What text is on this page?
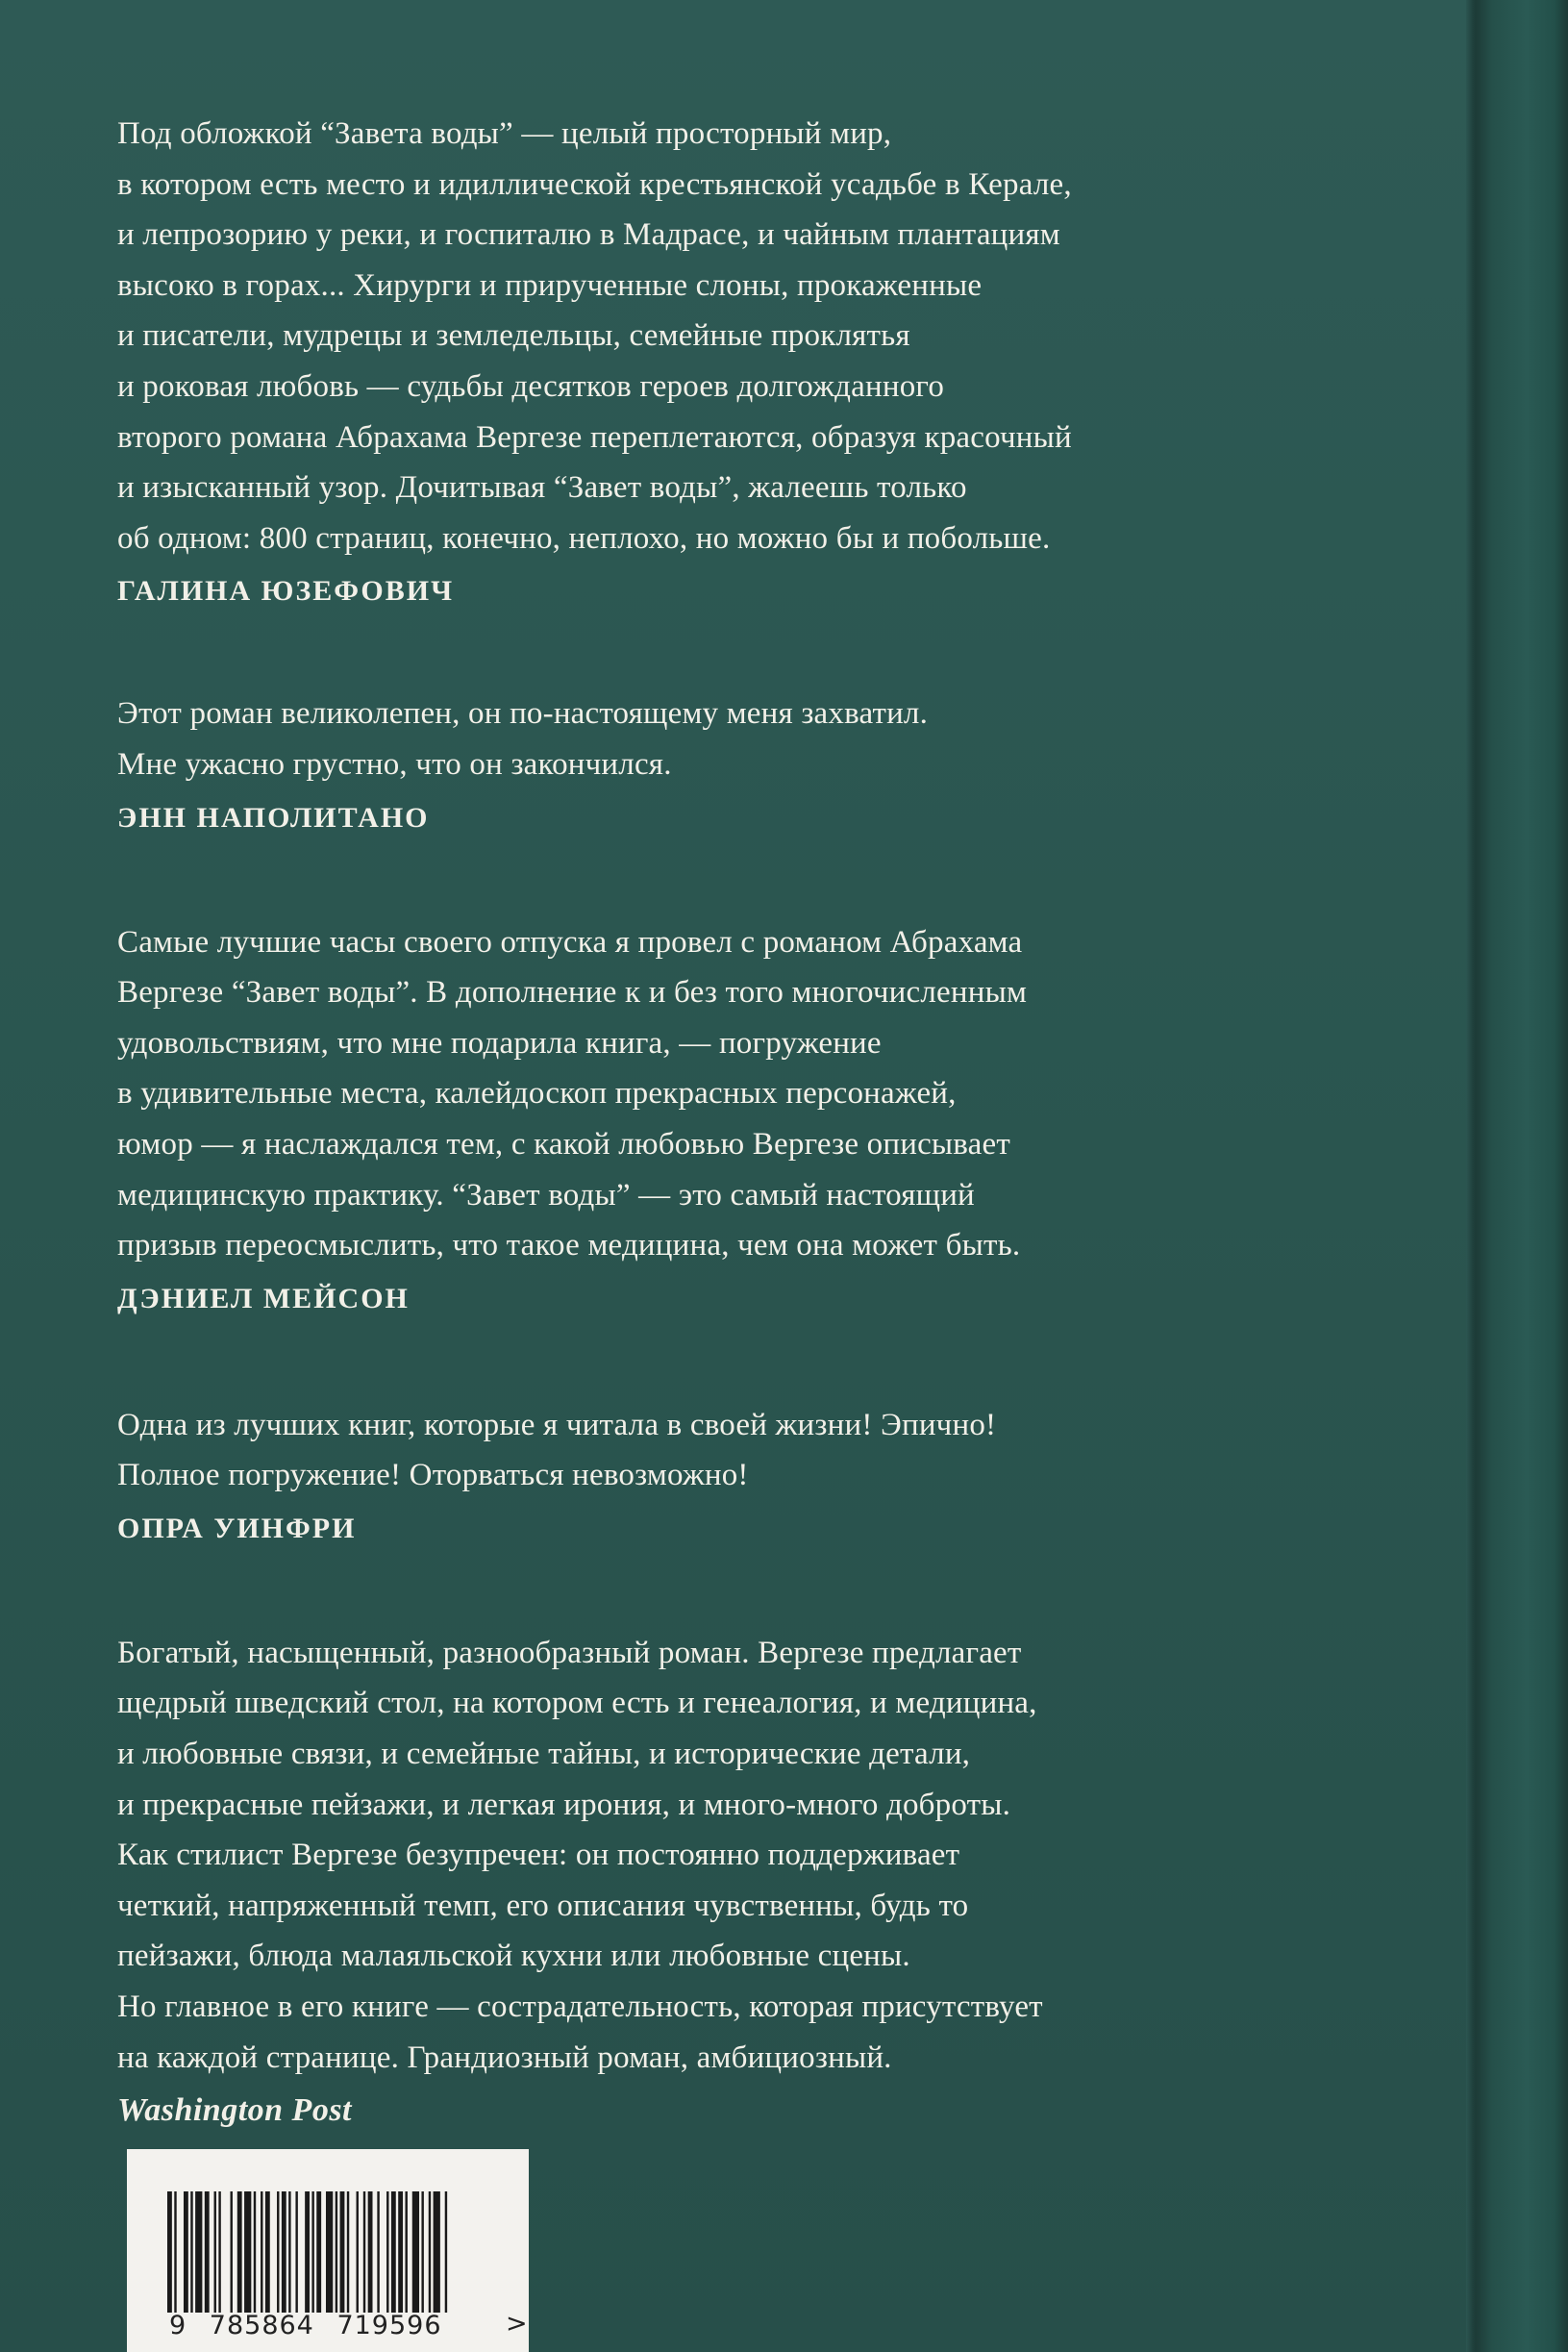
Под обложкой “Завета воды” — целый просторный мир,
в котором есть место и идиллической крестьянской усадьбе в Керале,
и лепрозорию у реки, и госпиталю в Мадрасе, и чайным плантациям
высоко в горах... Хирурги и прирученные слоны, прокаженные
и писатели, мудрецы и земледельцы, семейные проклятья
и роковая любовь — судьбы десятков героев долгожданного
второго романа Абрахама Вергезе переплетаются, образуя красочный
и изысканный узор. Дочитывая “Завет воды”, жалеешь только
об одном: 800 страниц, конечно, неплохо, но можно бы и побольше.
ГАЛИНА ЮЗЕФОВИЧ
Этот роман великолепен, он по-настоящему меня захватил.
Мне ужасно грустно, что он закончился.
ЭНН НАПОЛИТАНО
Самые лучшие часы своего отпуска я провел с романом Абрахама
Вергезе “Завет воды”. В дополнение к и без того многочисленным
удовольствиям, что мне подарила книга, — погружение
в удивительные места, калейдоскоп прекрасных персонажей,
юмор — я наслаждался тем, с какой любовью Вергезе описывает
медицинскую практику. “Завет воды” — это самый настоящий
призыв переосмыслить, что такое медицина, чем она может быть.
ДЭНИЕЛ МЕЙСОН
Одна из лучших книг, которые я читала в своей жизни! Эпично!
Полное погружение! Оторваться невозможно!
ОПРА УИНФРИ
Богатый, насыщенный, разнообразный роман. Вергезе предлагает
щедрый шведский стол, на котором есть и генеалогия, и медицина,
и любовные связи, и семейные тайны, и исторические детали,
и прекрасные пейзажи, и легкая ирония, и много-много доброты.
Как стилист Вергезе безупречен: он постоянно поддерживает
четкий, напряженный темп, его описания чувственны, будь то
пейзажи, блюда малаяльской кухни или любовные сцены.
Но главное в его книге — сострадательность, которая присутствует
на каждой странице. Грандиозный роман, амбициозный.
Washington Post
9 785864 719596	>
